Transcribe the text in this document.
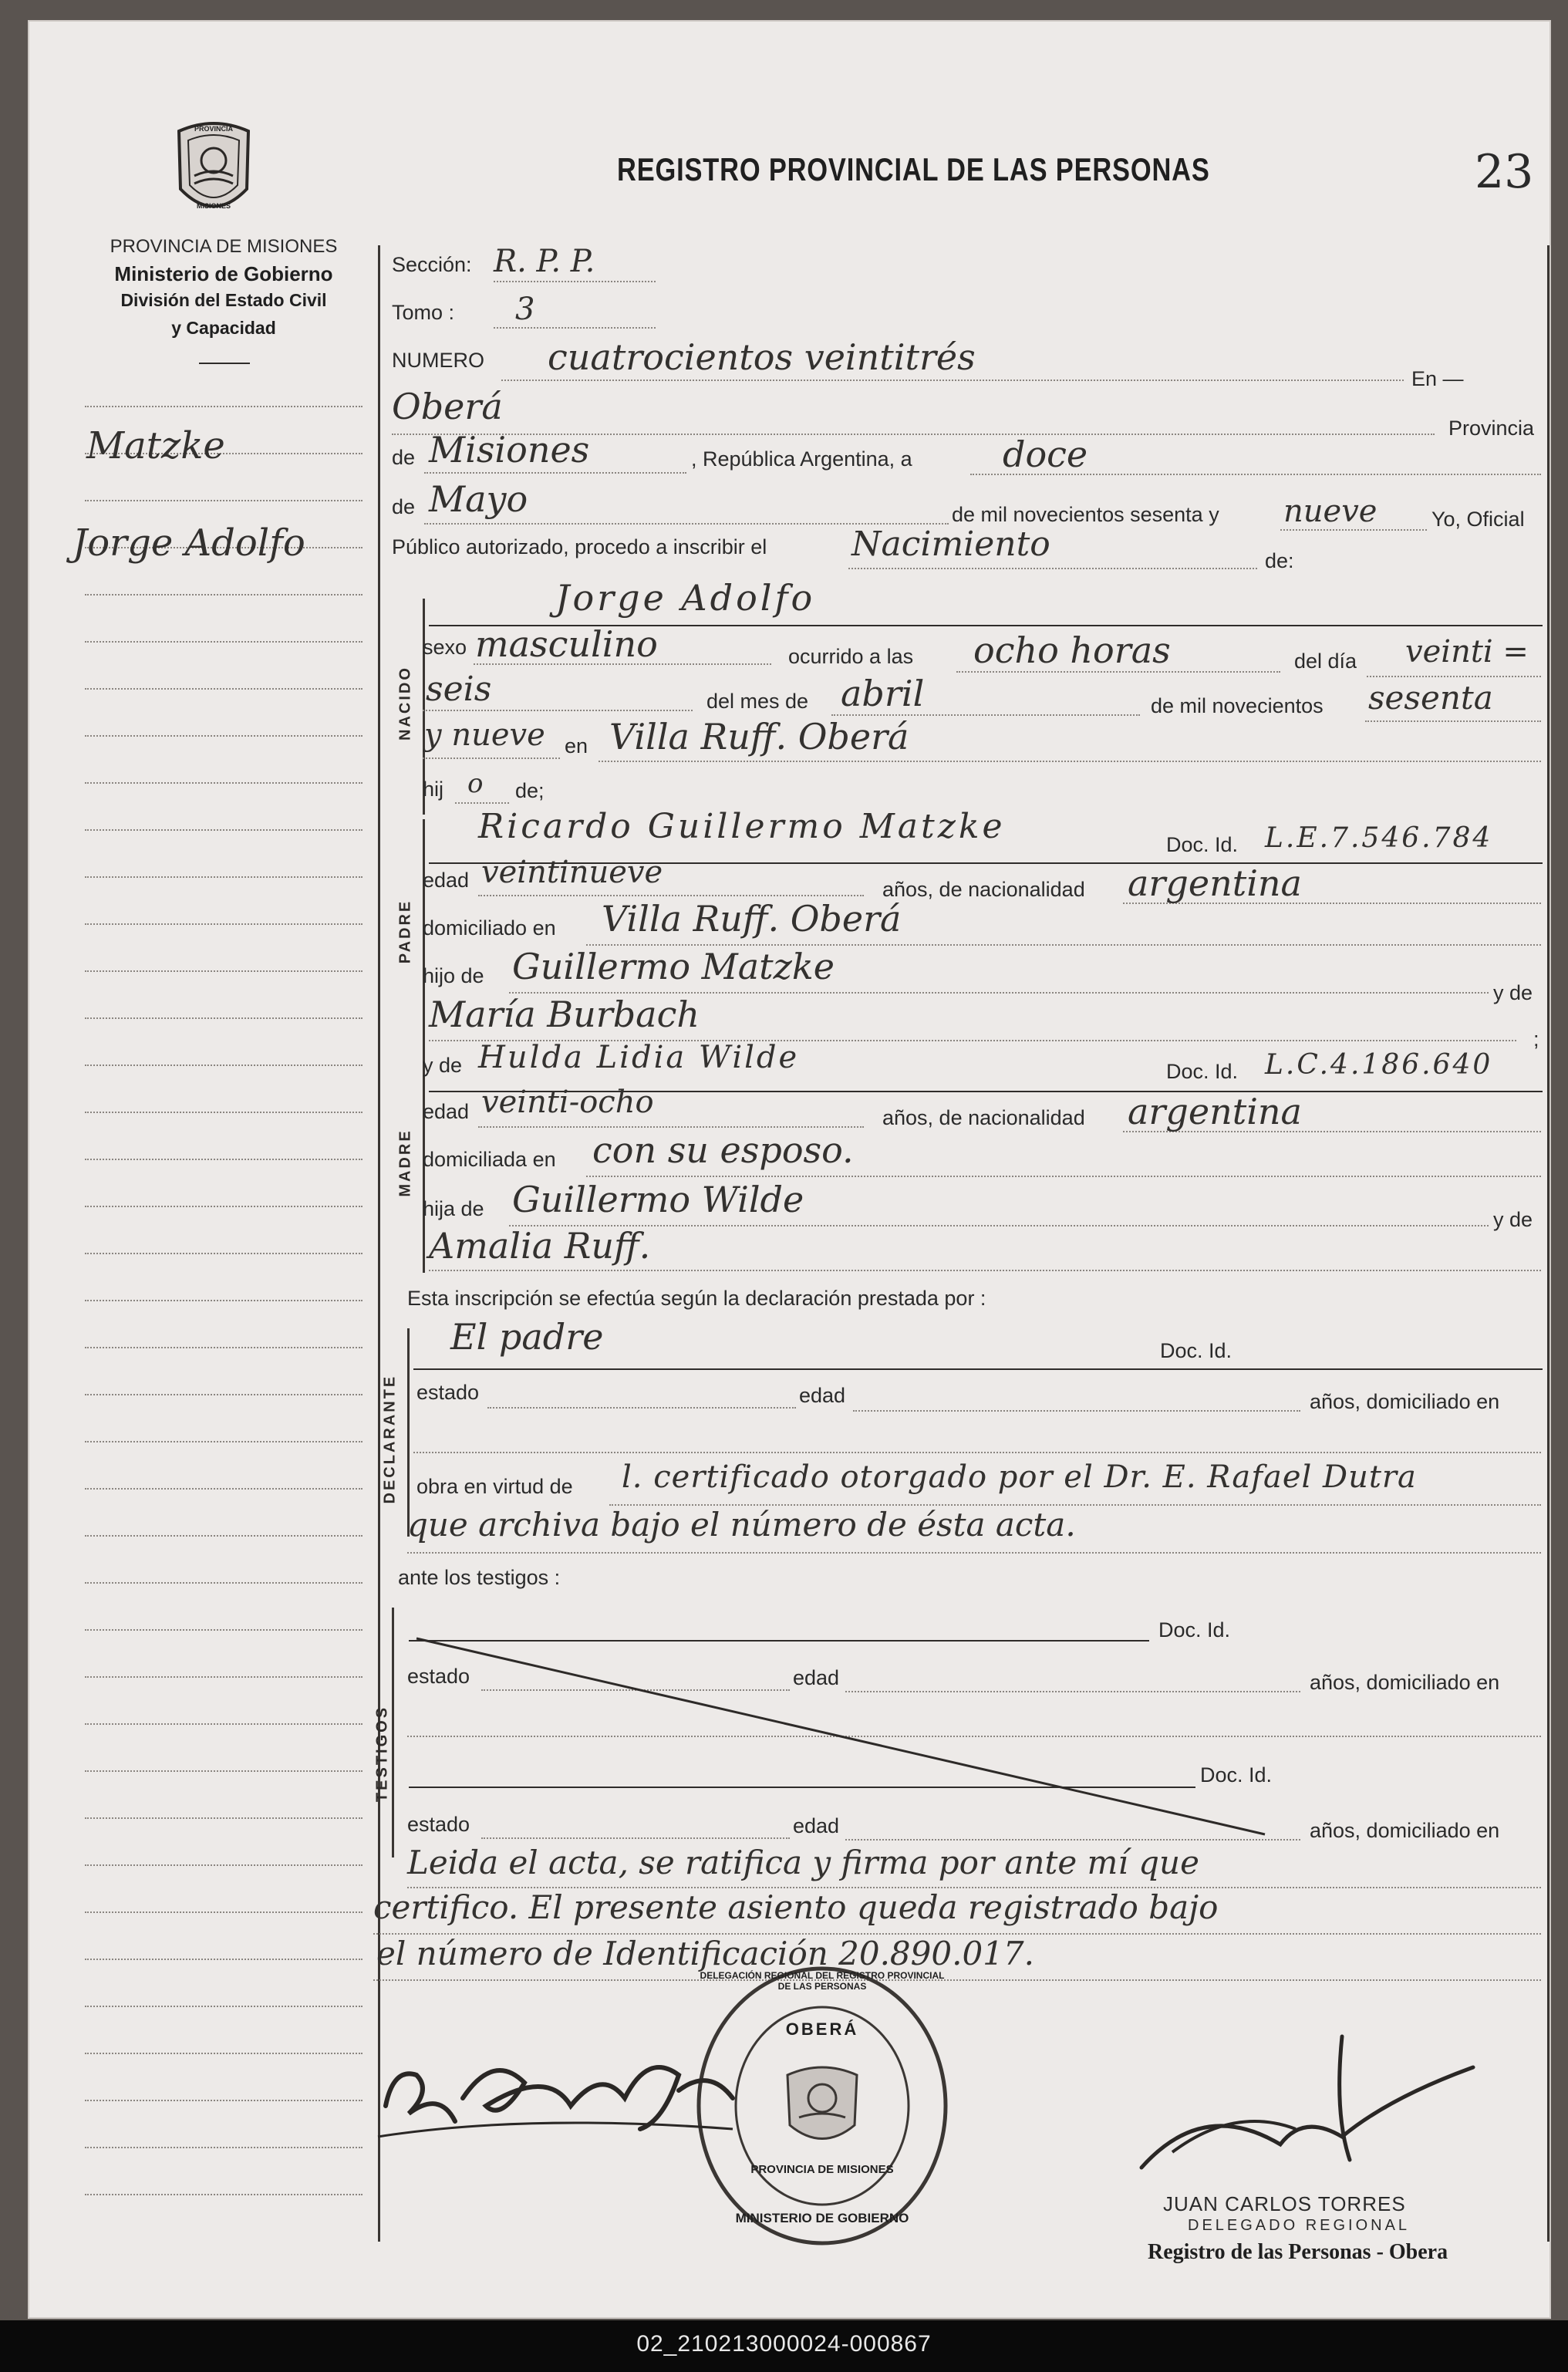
PROVINCIA
MISIONES
PROVINCIA DE MISIONES
Ministerio de Gobierno
División del Estado Civil
y Capacidad
REGISTRO PROVINCIAL DE LAS PERSONAS	23
Matzke
Jorge Adolfo
Sección: R. P. P.
Tomo : 3
NUMERO cuatrocientos veintitrés
En —
Oberá
Provincia
de Misiones	, República Argentina, a	doce
de Mayo	de mil novecientos sesenta y nueve	Yo, Oficial
Público autorizado, procedo a inscribir el Nacimiento	de:
NACIDO
Jorge Adolfo
sexo masculino	ocurrido a las ocho horas	del día veinti =
seis	del mes de abril	de mil novecientos sesenta
y nueve en Villa Ruff. Oberá
hij o de;
PADRE
Ricardo Guillermo Matzke	Doc. Id. L.E.7.546.784
edad veintinueve	años, de nacionalidad argentina
domiciliado en Villa Ruff. Oberá
hijo de Guillermo Matzke
y de
María Burbach
;
MADRE
y de Hulda Lidia Wilde	Doc. Id. L.C.4.186.640
edad veinti-ocho	años, de nacionalidad argentina
domiciliada en con su esposo.
hija de Guillermo Wilde	y de
Amalia Ruff.
Esta inscripción se efectúa según la declaración prestada por :
DECLARANTE
El padre	Doc. Id.
estado	edad	años, domiciliado en
obra en virtud de l. certificado otorgado por el Dr. E. Rafael Dutra
que archiva bajo el número de ésta acta.
ante los testigos :
TESTIGOS
Doc. Id.
estado	edad	años, domiciliado en
Doc. Id.
estado	edad	años, domiciliado en
Leida el acta, se ratifica y firma por ante mí que
certifico. El presente asiento queda registrado bajo
el número de Identificación 20.890.017.
OBERÁ
PROVINCIA DE MISIONES
MINISTERIO DE GOBIERNO
DELEGACIÓN REGIONAL DEL REGISTRO PROVINCIAL DE LAS PERSONAS
JUAN CARLOS TORRES
DELEGADO REGIONAL
Registro de las Personas - Obera
02_210213000024-000867
